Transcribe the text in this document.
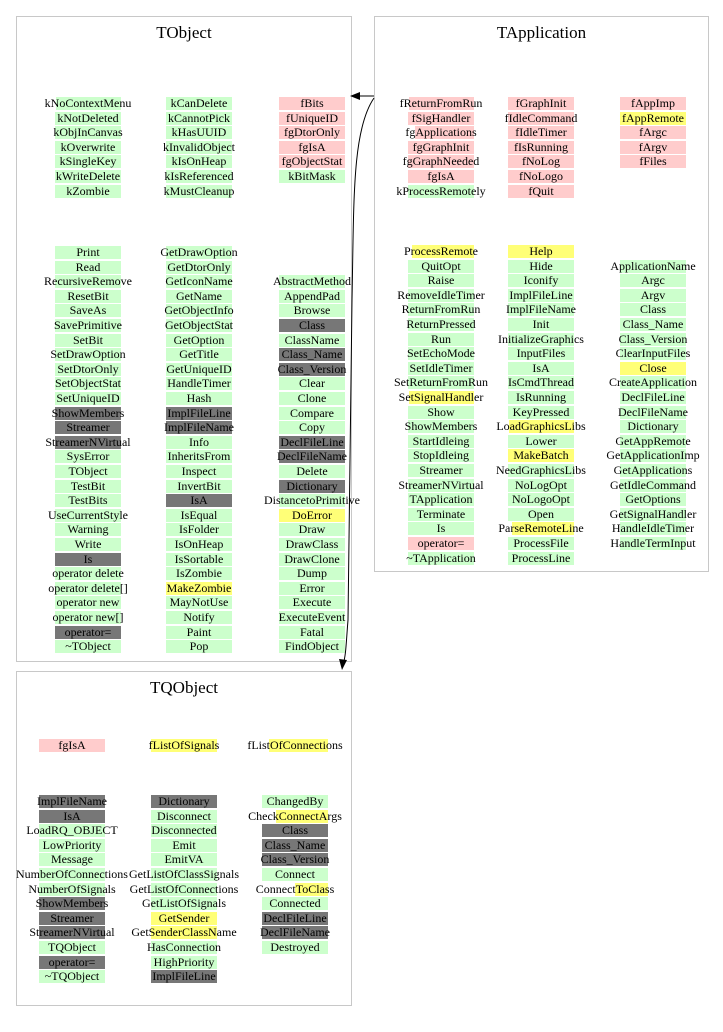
TObject
kNoContextMenu
kNotDeleted
kObjInCanvas
kOverwrite
kSingleKey
kWriteDelete
kZombie
kCanDelete
kCannotPick
kHasUUID
kInvalidObject
kIsOnHeap
kIsReferenced
kMustCleanup
fBits
fUniqueID
fgDtorOnly
fgIsA
fgObjectStat
kBitMask
Print
Read
RecursiveRemove
ResetBit
SaveAs
SavePrimitive
SetBit
SetDrawOption
SetDtorOnly
SetObjectStat
SetUniqueID
ShowMembers
Streamer
StreamerNVirtual
SysError
TObject
TestBit
TestBits
UseCurrentStyle
Warning
Write
Is
operator delete
operator delete[]
operator new
operator new[]
operator=
~TObject
GetDrawOption
GetDtorOnly
GetIconName
GetName
GetObjectInfo
GetObjectStat
GetOption
GetTitle
GetUniqueID
HandleTimer
Hash
ImplFileLine
ImplFileName
Info
InheritsFrom
Inspect
InvertBit
IsA
IsEqual
IsFolder
IsOnHeap
IsSortable
IsZombie
MakeZombie
MayNotUse
Notify
Paint
Pop
AbstractMethod
AppendPad
Browse
Class
ClassName
Class_Name
Class_Version
Clear
Clone
Compare
Copy
DeclFileLine
DeclFileName
Delete
Dictionary
DistancetoPrimitive
DoError
Draw
DrawClass
DrawClone
Dump
Error
Execute
ExecuteEvent
Fatal
FindObject
TApplication
fReturnFromRun
fSigHandler
fgApplications
fgGraphInit
fgGraphNeeded
fgIsA
kProcessRemotely
fGraphInit
fIdleCommand
fIdleTimer
fIsRunning
fNoLog
fNoLogo
fQuit
fAppImp
fAppRemote
fArgc
fArgv
fFiles
ProcessRemote
QuitOpt
Raise
RemoveIdleTimer
ReturnFromRun
ReturnPressed
Run
SetEchoMode
SetIdleTimer
SetReturnFromRun
SetSignalHandler
Show
ShowMembers
StartIdleing
StopIdleing
Streamer
StreamerNVirtual
TApplication
Terminate
Is
operator=
~TApplication
Help
Hide
Iconify
ImplFileLine
ImplFileName
Init
InitializeGraphics
InputFiles
IsA
IsCmdThread
IsRunning
KeyPressed
LoadGraphicsLibs
Lower
MakeBatch
NeedGraphicsLibs
NoLogOpt
NoLogoOpt
Open
ParseRemoteLine
ProcessFile
ProcessLine
ApplicationName
Argc
Argv
Class
Class_Name
Class_Version
ClearInputFiles
Close
CreateApplication
DeclFileLine
DeclFileName
Dictionary
GetAppRemote
GetApplicationImp
GetApplications
GetIdleCommand
GetOptions
GetSignalHandler
HandleIdleTimer
HandleTermInput
TQObject
fgIsA	fListOfSignals	fListOfConnections
ImplFileName
IsA
LoadRQ_OBJECT
LowPriority
Message
NumberOfConnections
NumberOfSignals
ShowMembers
Streamer
StreamerNVirtual
TQObject
operator=
~TQObject
Dictionary
Disconnect
Disconnected
Emit
EmitVA
GetListOfClassSignals
GetListOfConnections
GetListOfSignals
GetSender
GetSenderClassName
HasConnection
HighPriority
ImplFileLine
ChangedBy
CheckConnectArgs
Class
Class_Name
Class_Version
Connect
ConnectToClass
Connected
DeclFileLine
DeclFileName
Destroyed
